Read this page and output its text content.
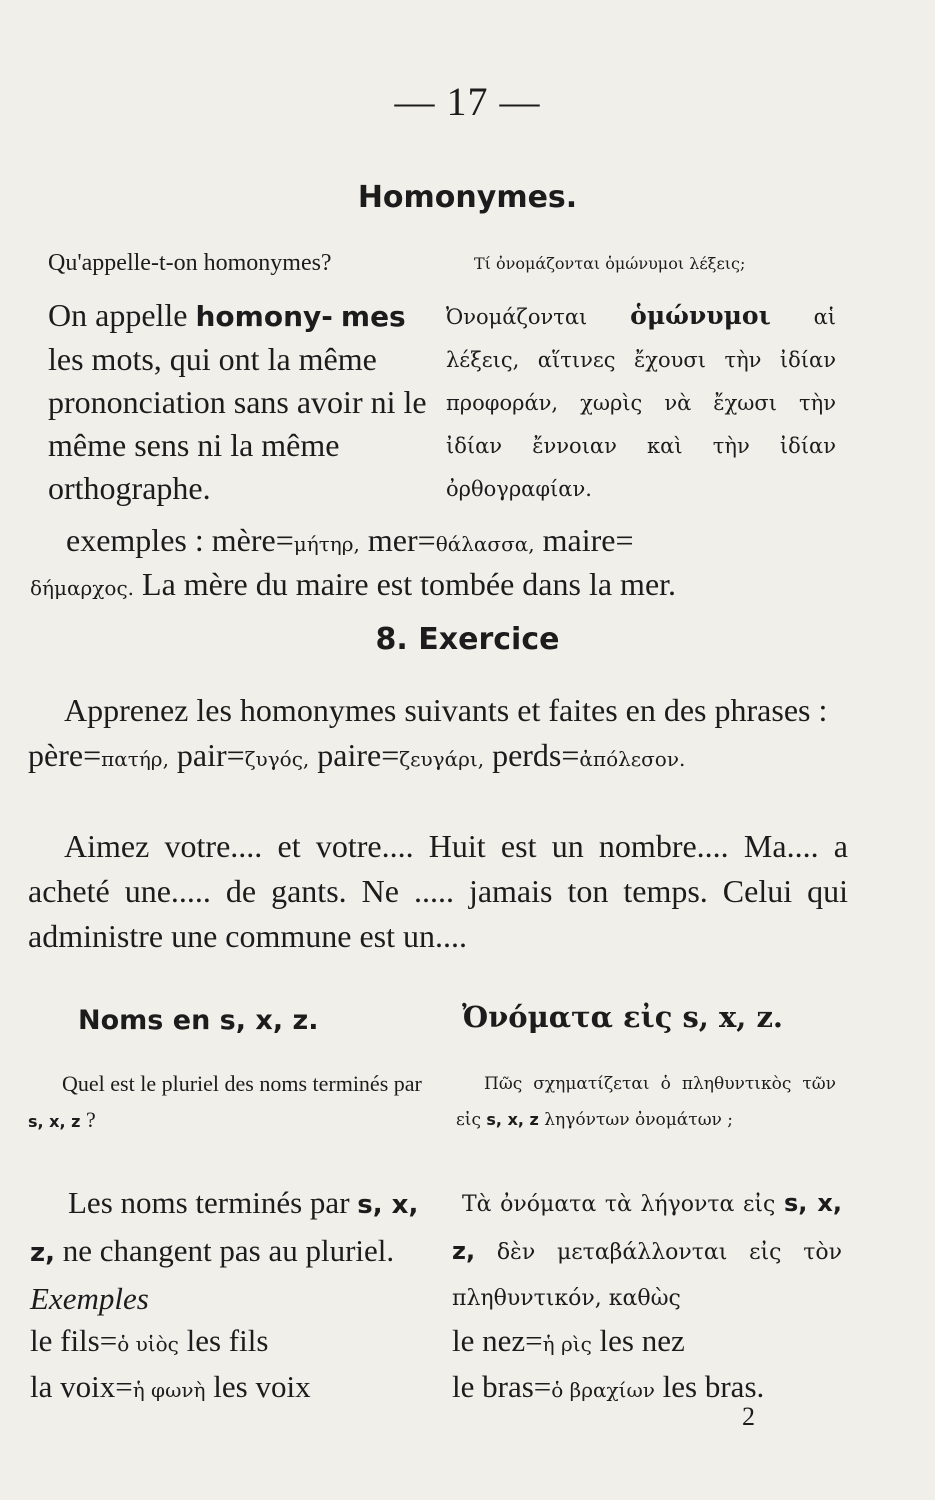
— 17 —
Homonymes.
Qu'appelle-t-on homonymes?	Τί ὀνομάζονται ὁμώνυμοι λέξεις;
On appelle homony- mes les mots, qui ont la même prononciation sans avoir ni le même sens ni la même orthographe.
Ὀνομάζονται ὁμώνυμοι αἱ λέξεις, αἵτινες ἔχουσι τὴν ἰδίαν προφοράν, χωρὶς νὰ ἔχωσι τὴν ἰδίαν ἔννοιαν καὶ τὴν ἰδίαν ὀρθογραφίαν.
exemples : mère=μήτηρ, mer=θάλασσα, maire=
δήμαρχος. La mère du maire est tombée dans la mer.
8. Exercice
Apprenez les homonymes suivants et faites en des phrases : père=πατήρ, pair=ζυγός, paire=ζευγάρι, perds=ἀπόλεσον.
Aimez votre.... et votre.... Huit est un nombre.... Ma.... a acheté une..... de gants. Ne ..... jamais ton temps. Celui qui administre une commune est un....
Noms en s, x, z.	Ὀνόματα εἰς s, x, z.
Quel est le pluriel des noms terminés par s, x, z ?
Πῶς σχηματίζεται ὁ πληθυντικὸς τῶν εἰς s, x, z ληγόντων ὀνομάτων ;
Les noms terminés par s, x, z, ne changent pas au pluriel. Exemples
le fils=ὁ υἱὸς les fils
la voix=ἡ φωνὴ les voix
Τὰ ὀνόματα τὰ λήγοντα εἰς s, x, z, δὲν μεταβάλλονται εἰς τὸν πληθυντικόν, καθὼς
le nez=ἡ ρὶς les nez
le bras=ὁ βραχίων les bras.
2
